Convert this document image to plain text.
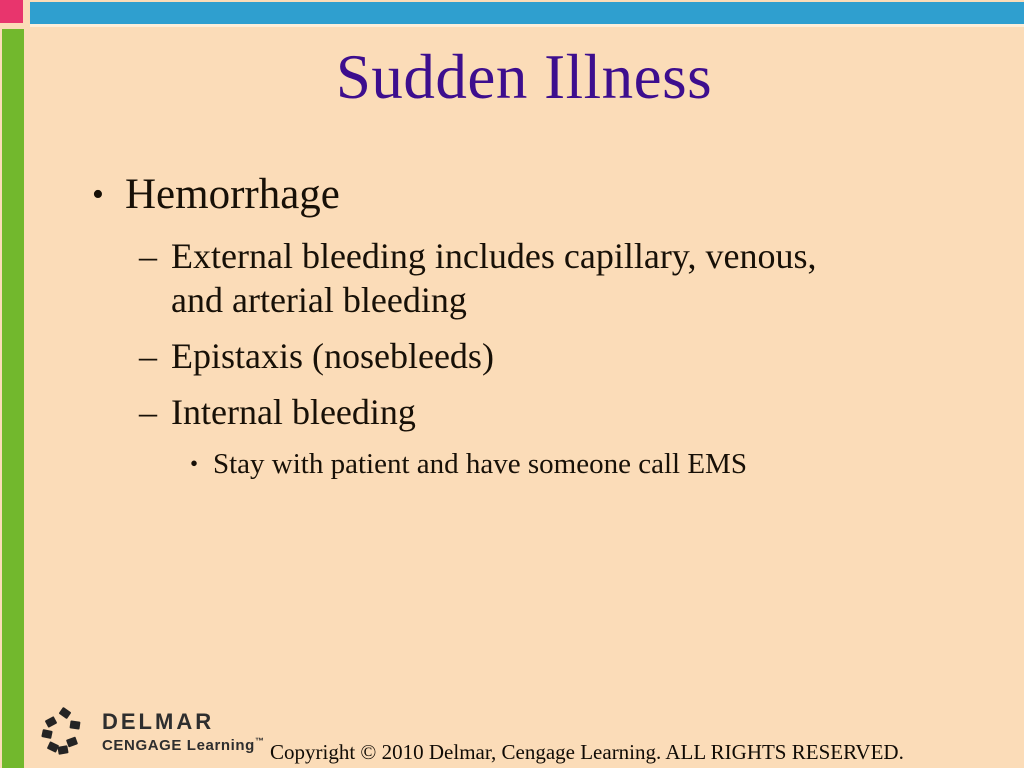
Sudden Illness
• Hemorrhage
– External bleeding includes capillary, venous, and arterial bleeding
– Epistaxis (nosebleeds)
– Internal bleeding
• Stay with patient and have someone call EMS
DELMAR
CENGAGE Learning™ Copyright © 2010 Delmar, Cengage Learning. ALL RIGHTS RESERVED.
